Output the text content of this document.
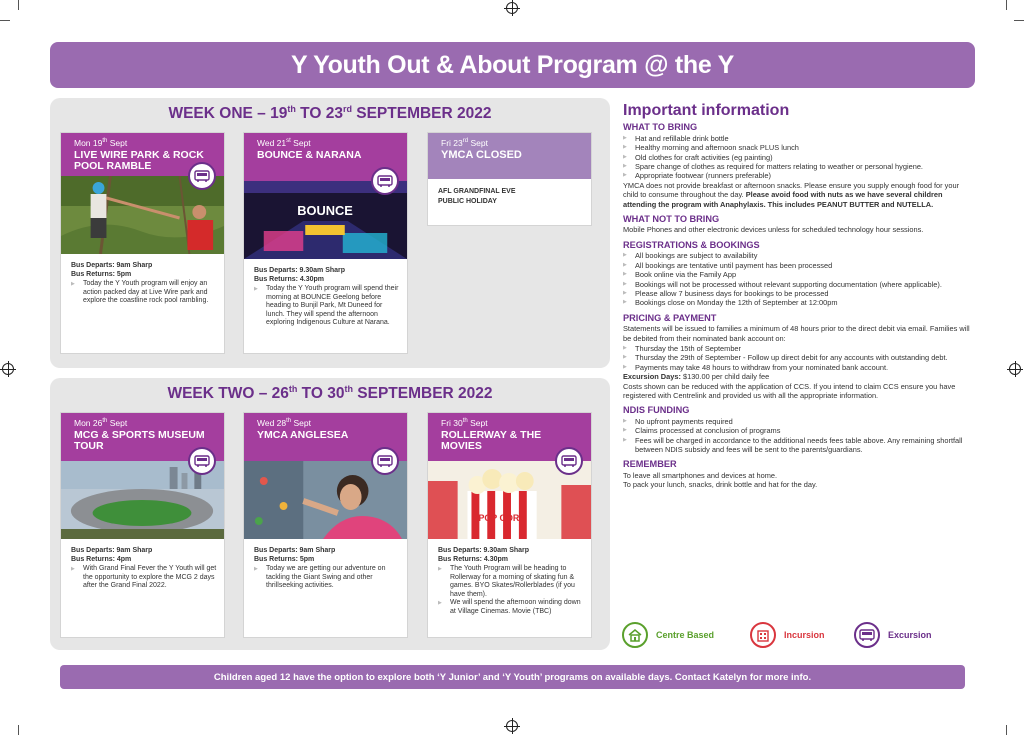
Y Youth Out & About Program @ the Y
WEEK ONE – 19th TO 23rd SEPTEMBER 2022
Mon 19th Sept
LIVE WIRE PARK & ROCK POOL RAMBLE
Bus Departs: 9am Sharp
Bus Returns: 5pm
▶ Today the Y Youth program will enjoy an action packed day at Live Wire park and explore the coastline rock pool rambling.
Wed 21st Sept
BOUNCE & NARANA
BOUNCE
Bus Departs: 9.30am Sharp
Bus Returns: 4.30pm
▶ Today the Y Youth program will spend their morning at BOUNCE Geelong before heading to Bunjil Park, Mt Duneed for lunch. They will spend the afternoon exploring Indigenous Culture at Narana.
Fri 23rd Sept
YMCA CLOSED
AFL GRANDFINAL EVE
PUBLIC HOLIDAY
WEEK TWO – 26th TO 30th SEPTEMBER 2022
Mon 26th Sept
MCG & SPORTS MUSEUM TOUR
Bus Departs: 9am Sharp
Bus Returns: 4pm
▶ With Grand Final Fever the Y Youth will get the opportunity to explore the MCG 2 days after the Grand Final 2022.
Wed 28th Sept
YMCA ANGLESEA
Bus Departs: 9am Sharp
Bus Returns: 5pm
▶ Today we are getting our adventure on tackling the Giant Swing and other thrillseeking activities.
Fri 30th Sept
ROLLERWAY & THE MOVIES
POP CORN
Bus Departs: 9.30am Sharp
Bus Returns: 4.30pm
▶ The Youth Program will be heading to Rollerway for a morning of skating fun & games. BYO Skates/Rollerblades (if you have them).
▶ We will spend the afternoon winding down at Village Cinemas. Movie (TBC)
Important information
WHAT TO BRING
▶ Hat and refillable drink bottle
▶ Healthy morning and afternoon snack PLUS lunch
▶ Old clothes for craft activities (eg painting)
▶ Spare change of clothes as required for matters relating to weather or personal hygiene.
▶ Appropriate footwear (runners preferable)

YMCA does not provide breakfast or afternoon snacks. Please ensure you supply enough food for your child to consume throughout the day. Please avoid food with nuts as we have several children attending the program with Anaphylaxis. This includes PEANUT BUTTER and NUTELLA.

WHAT NOT TO BRING

Mobile Phones and other electronic devices unless for scheduled technology hour sessions.

REGISTRATIONS & BOOKINGS
▶ All bookings are subject to availability
▶ All bookings are tentative until payment has been processed
▶ Book online via the Family App
▶ Bookings will not be processed without relevant supporting documentation (where applicable).
▶ Please allow 7 business days for bookings to be processed
▶ Bookings close on Monday the 12th of September at 12:00pm
PRICING & PAYMENT

Statements will be issued to families a minimum of 48 hours prior to the direct debit via email. Families will be debited from their nominated bank account on:

▶ Thursday the 15th of September
▶ Thursday the 29th of September - Follow up direct debit for any accounts with outstanding debt.
▶ Payments may take 48 hours to withdraw from your nominated bank account.

Excursion Days: $130.00 per child daily fee

Costs shown can be reduced with the application of CCS. If you intend to claim CCS ensure you have registered with Centrelink and provided us with all the appropriate information.

NDIS FUNDING
▶ No upfront payments required
▶ Claims processed at conclusion of programs
▶ Fees will be charged in accordance to the additional needs fees table above. Any remaining shortfall between NDIS subsidy and fees will be sent to the parents/guardians.
REMEMBER

To leave all smartphones and devices at home.

To pack your lunch, snacks, drink bottle and hat for the day.

Centre Based	Incursion	Excursion
Children aged 12 have the option to explore both ‘Y Junior’ and ‘Y Youth’ programs on available days. Contact Katelyn for more info.
